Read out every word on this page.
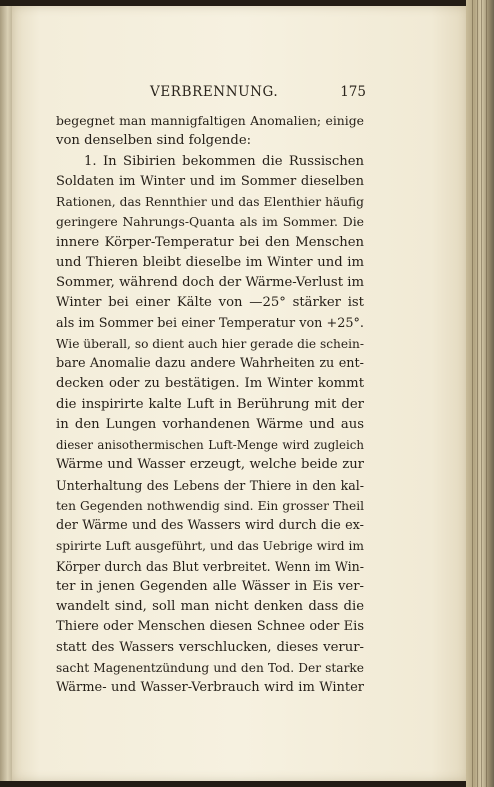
VERBRENNUNG.	175
begegnet man mannigfaltigen Anomalien; einige
von denselben sind folgende:
1. In Sibirien bekommen die Russischen
Soldaten im Winter und im Sommer dieselben
Rationen, das Rennthier und das Elenthier häufig
geringere Nahrungs-Quanta als im Sommer. Die
innere Körper-Temperatur bei den Menschen
und Thieren bleibt dieselbe im Winter und im
Sommer, während doch der Wärme-Verlust im
Winter bei einer Kälte von —25° stärker ist
als im Sommer bei einer Temperatur von +25°.
Wie überall, so dient auch hier gerade die schein-
bare Anomalie dazu andere Wahrheiten zu ent-
decken oder zu bestätigen. Im Winter kommt
die inspirirte kalte Luft in Berührung mit der
in den Lungen vorhandenen Wärme und aus
dieser anisothermischen Luft-Menge wird zugleich
Wärme und Wasser erzeugt, welche beide zur
Unterhaltung des Lebens der Thiere in den kal-
ten Gegenden nothwendig sind. Ein grosser Theil
der Wärme und des Wassers wird durch die ex-
spirirte Luft ausgeführt, und das Uebrige wird im
Körper durch das Blut verbreitet. Wenn im Win-
ter in jenen Gegenden alle Wässer in Eis ver-
wandelt sind, soll man nicht denken dass die
Thiere oder Menschen diesen Schnee oder Eis
statt des Wassers verschlucken, dieses verur-
sacht Magenentzündung und den Tod. Der starke
Wärme- und Wasser-Verbrauch wird im Winter
